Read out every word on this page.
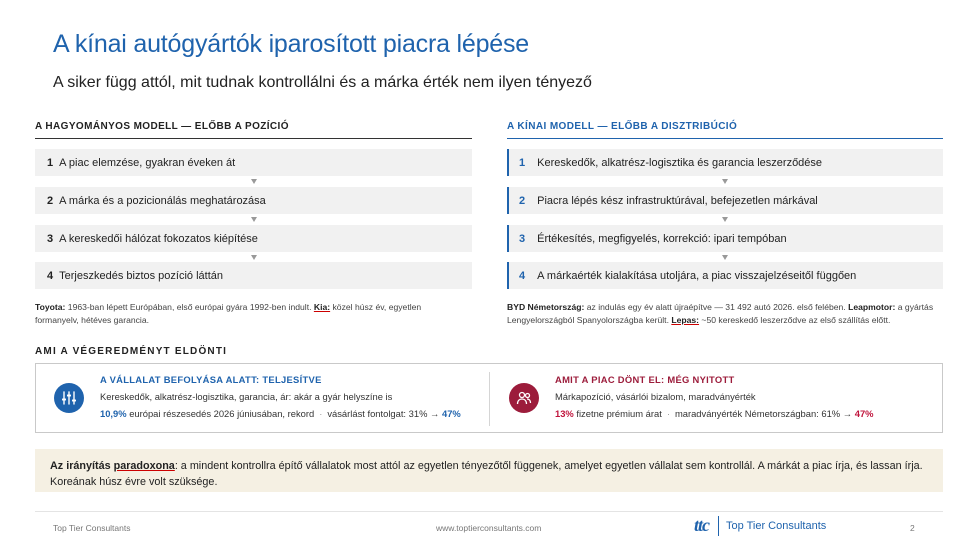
A kínai autógyártók iparosított piacra lépése
A siker függ attól, mit tudnak kontrollálni és a márka érték nem ilyen tényező
A HAGYOMÁNYOS MODELL — ELŐBB A POZÍCIÓ
1 A piac elemzése, gyakran éveken át
2 A márka és a pozicionálás meghatározása
3 A kereskedői hálózat fokozatos kiépítése
4 Terjeszkedés biztos pozíció láttán
Toyota: 1963-ban lépett Európában, első európai gyára 1992-ben indult. Kia: közel húsz év, egyetlen formanyelv, hétéves garancia.
A KÍNAI MODELL — ELŐBB A DISZTRIBÚCIÓ
1 Kereskedők, alkatrész-logisztika és garancia leszerződése
2 Piacra lépés kész infrastruktúrával, befejezetlen márkával
3 Értékesítés, megfigyelés, korrekció: ipari tempóban
4 A márkaérték kialakítása utoljára, a piac visszajelzéseitől függően
BYD Németország: az indulás egy év alatt újraépítve — 31 492 autó 2026. első felében. Leapmotor: a gyártás Lengyelországból Spanyolországba került. Lepas: ~50 kereskedő leszerződve az első szállítás előtt.
AMI A VÉGEREDMÉNYT ELDÖNTI
A VÁLLALAT BEFOLYÁSA ALATT: TELJESÍTVE
Kereskedők, alkatrész-logisztika, garancia, ár: akár a gyár helyszíne is
10,9% európai részesedés 2026 júniusában, rekord · vásárlást fontolgat: 31% → 47%
AMIT A PIAC DÖNT EL: MÉG NYITOTT
Márkapozíció, vásárlói bizalom, maradványérték
13% fizetne prémium árat · maradványérték Németországban: 61% → 47%
Az irányítás paradoxona: a mindent kontrollra építő vállalatok most attól az egyetlen tényezőtől függenek, amelyet egyetlen vállalat sem kontrollál. A márkát a piac írja, és lassan írja. Koreának húsz évre volt szüksége.
Top Tier Consultants	www.toptierconsultants.com	ttc Top Tier Consultants	2
